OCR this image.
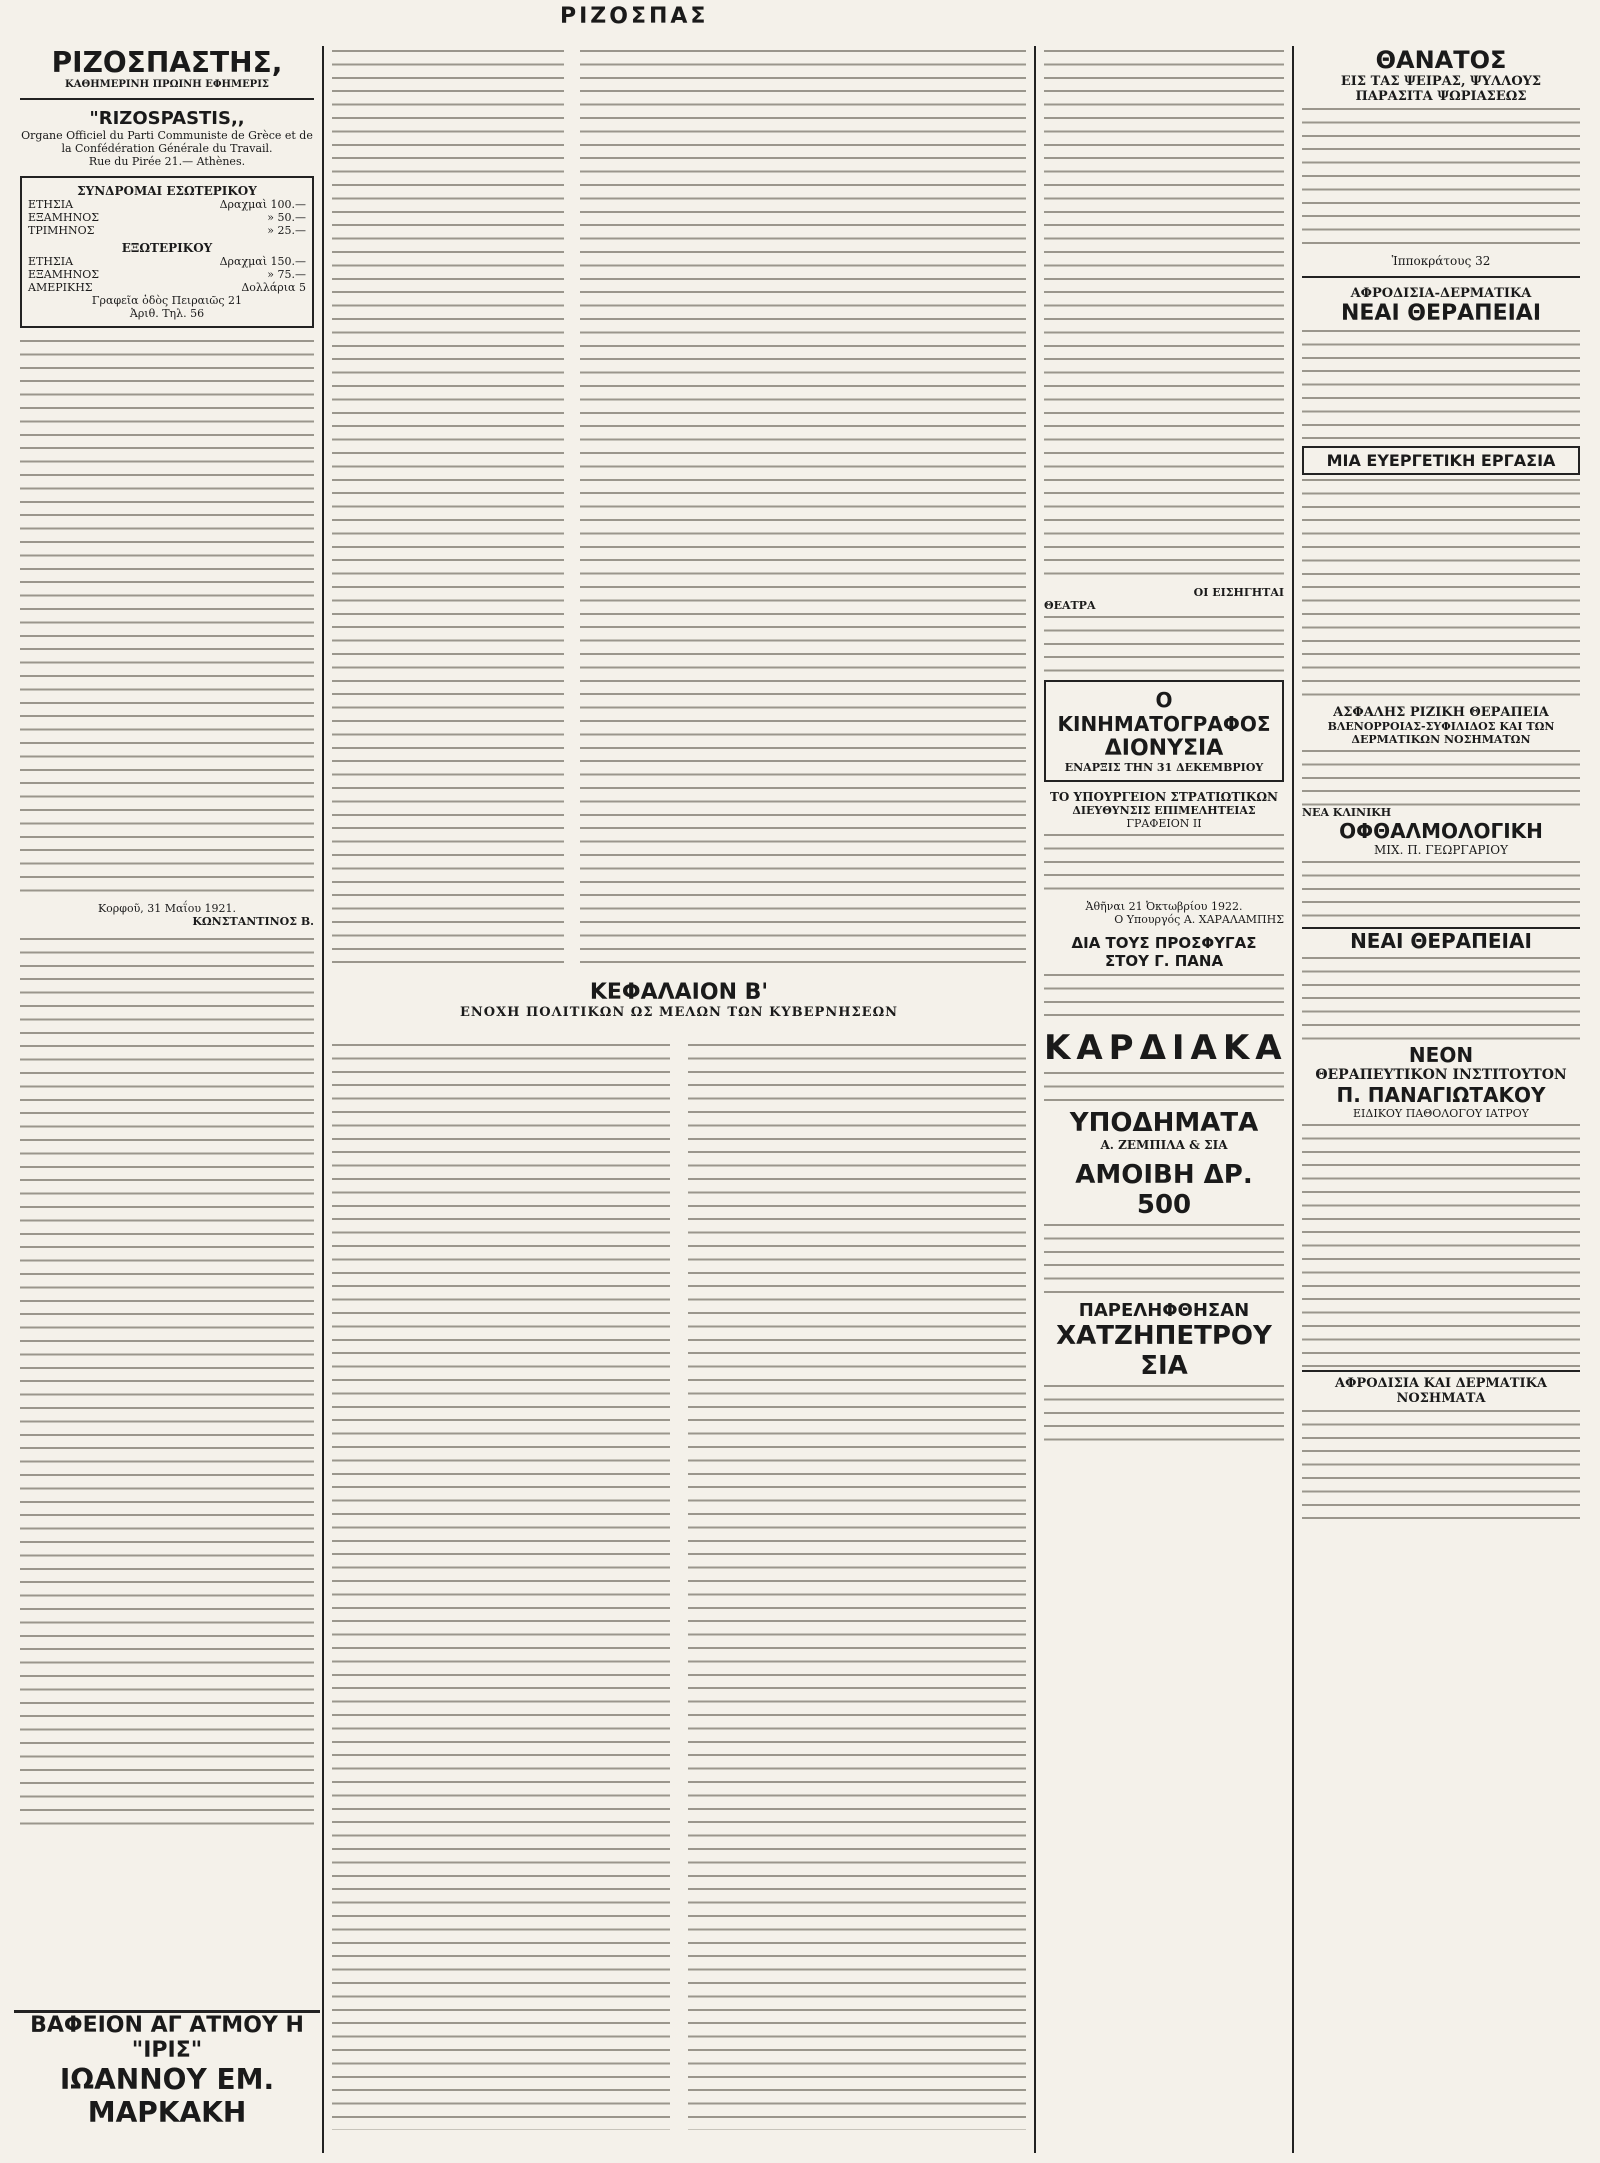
ΡΙΖΟΣΠΑΣ
ΡΙΖΟΣΠΑΣΤΗΣ,
ΚΑΘΗΜΕΡΙΝΗ ΠΡΩΙΝΗ ΕΦΗΜΕΡΙΣ
"RIZOSPASTIS,,
Organe Officiel du Parti Communiste de Grèce et de la Confédération Générale du Travail.
Rue du Pirée 21.— Athènes.
ΣΥΝΔΡΟΜΑΙ ΕΣΩΤΕΡΙΚΟΥ
ΕΤΗΣΙΑ	Δραχμαὶ 100.—
ΕΞΑΜΗΝΟΣ	» 50.—
ΤΡΙΜΗΝΟΣ	» 25.—
ΕΞΩΤΕΡΙΚΟΥ
ΕΤΗΣΙΑ	Δραχμαὶ 150.—
ΕΞΑΜΗΝΟΣ	» 75.—
ΑΜΕΡΙΚΗΣ	Δολλάρια 5
Γραφεῖα ὁδὸς Πειραιῶς 21
Ἀριθ. Τηλ. 56
Κορφοῦ, 31 Μαΐου 1921.
ΚΩΝΣΤΑΝΤΙΝΟΣ Β.
ΚΕΦΑΛΑΙΟΝ Β'
ΕΝΟΧΗ ΠΟΛΙΤΙΚΩΝ ΩΣ ΜΕΛΩΝ ΤΩΝ ΚΥΒΕΡΝΗΣΕΩΝ
ΒΑΦΕΙΟΝ ΑΓ ΑΤΜΟΥ Η "ΙΡΙΣ"
ΙΩΑΝΝΟΥ ΕΜ. ΜΑΡΚΑΚΗ
ΟΙ ΕΙΣΗΓΗΤΑΙ
ΘΕΑΤΡΑ
Ο ΚΙΝΗΜΑΤΟΓΡΑΦΟΣ
ΔΙΟΝΥΣΙΑ
ΕΝΑΡΞΙΣ ΤΗΝ 31 ΔΕΚΕΜΒΡΙΟΥ
ΤΟ ΥΠΟΥΡΓΕΙΟΝ ΣΤΡΑΤΙΩΤΙΚΩΝ
ΔΙΕΥΘΥΝΣΙΣ ΕΠΙΜΕΛΗΤΕΙΑΣ
ΓΡΑΦΕΙΟΝ II
Ἀθῆναι 21 Ὀκτωβρίου 1922.
Ο Υπουργός Α. ΧΑΡΑΛΑΜΠΗΣ
ΔΙΑ ΤΟΥΣ ΠΡΟΣΦΥΓΑΣ
ΣΤΟΥ Γ. ΠΑΝΑ
ΚΑΡΔΙΑΚΑ
ΥΠΟΔΗΜΑΤΑ
Α. ΖΕΜΠΙΛΑ & ΣΙΑ
ΑΜΟΙΒΗ ΔΡ. 500
ΠΑΡΕΛΗΦΘΗΣΑΝ
ΧΑΤΖΗΠΕΤΡΟΥ ΣΙΑ
ΘΑΝΑΤΟΣ
ΕΙΣ ΤΑΣ ΨΕΙΡΑΣ, ΨΥΛΛΟΥΣ
ΠΑΡΑΣΙΤΑ ΨΩΡΙΑΣΕΩΣ
Ἱπποκράτους 32
ΑΦΡΟΔΙΣΙΑ-ΔΕΡΜΑΤΙΚΑ
ΝΕΑΙ ΘΕΡΑΠΕΙΑΙ
ΜΙΑ ΕΥΕΡΓΕΤΙΚΗ ΕΡΓΑΣΙΑ
ΑΣΦΑΛΗΣ ΡΙΖΙΚΗ ΘΕΡΑΠΕΙΑ
ΒΛΕΝΟΡΡΟΙΑΣ-ΣΥΦΙΛΙΔΟΣ ΚΑΙ ΤΩΝ ΔΕΡΜΑΤΙΚΩΝ ΝΟΣΗΜΑΤΩΝ
ΝΕΑ ΚΛΙΝΙΚΗ
ΟΦΘΑΛΜΟΛΟΓΙΚΗ
ΜΙΧ. Π. ΓΕΩΡΓΑΡΙΟΥ
ΝΕΑΙ ΘΕΡΑΠΕΙΑΙ
ΝΕΟΝ
ΘΕΡΑΠΕΥΤΙΚΟΝ ΙΝΣΤΙΤΟΥΤΟΝ
Π. ΠΑΝΑΓΙΩΤΑΚΟΥ
ΕΙΔΙΚΟΥ ΠΑΘΟΛΟΓΟΥ ΙΑΤΡΟΥ
ΑΦΡΟΔΙΣΙΑ ΚΑΙ ΔΕΡΜΑΤΙΚΑ ΝΟΣΗΜΑΤΑ
